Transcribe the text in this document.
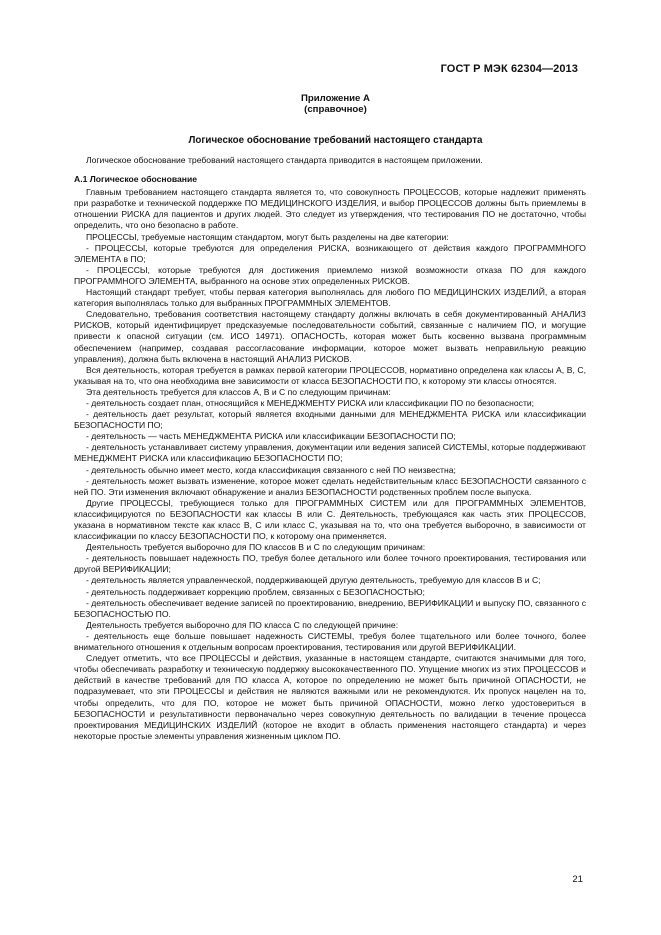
ГОСТ Р МЭК 62304—2013
Приложение А
(справочное)
Логическое обоснование требований настоящего стандарта

Логическое обоснование требований настоящего стандарта приводится в настоящем приложении.

А.1 Логическое обоснование

Главным требованием настоящего стандарта является то, что совокупность ПРОЦЕССОВ, которые надлежит применять при разработке и технической поддержке ПО МЕДИЦИНСКОГО ИЗДЕЛИЯ, и выбор ПРОЦЕССОВ должны быть приемлемы в отношении РИСКА для пациентов и других людей. Это следует из утверждения, что тестирования ПО не достаточно, чтобы определить, что оно безопасно в работе.

ПРОЦЕССЫ, требуемые настоящим стандартом, могут быть разделены на две категории:

- ПРОЦЕССЫ, которые требуются для определения РИСКА, возникающего от действия каждого ПРОГРАММНОГО ЭЛЕМЕНТА в ПО;

- ПРОЦЕССЫ, которые требуются для достижения приемлемо низкой возможности отказа ПО для каждого ПРОГРАММНОГО ЭЛЕМЕНТА, выбранного на основе этих определенных РИСКОВ.

Настоящий стандарт требует, чтобы первая категория выполнялась для любого ПО МЕДИЦИНСКИХ ИЗДЕЛИЙ, а вторая категория выполнялась только для выбранных ПРОГРАММНЫХ ЭЛЕМЕНТОВ.

Следовательно, требования соответствия настоящему стандарту должны включать в себя документированный АНАЛИЗ РИСКОВ, который идентифицирует предсказуемые последовательности событий, связанные с наличием ПО, и могущие привести к опасной ситуации (см. ИСО 14971). ОПАСНОСТЬ, которая может быть косвенно вызвана программным обеспечением (например, создавая рассогласование информации, которое может вызвать неправильную реакцию управления), должна быть включена в настоящий АНАЛИЗ РИСКОВ.

Вся деятельность, которая требуется в рамках первой категории ПРОЦЕССОВ, нормативно определена как классы А, В, С, указывая на то, что она необходима вне зависимости от класса БЕЗОПАСНОСТИ ПО, к которому эти классы относятся.

Эта деятельность требуется для классов А, В и С по следующим причинам:

- деятельность создает план, относящийся к МЕНЕДЖМЕНТУ РИСКА или классификации ПО по безопасности;

- деятельность дает результат, который является входными данными для МЕНЕДЖМЕНТА РИСКА или классификации БЕЗОПАСНОСТИ ПО;

- деятельность — часть МЕНЕДЖМЕНТА РИСКА или классификации БЕЗОПАСНОСТИ ПО;

- деятельность устанавливает систему управления, документации или ведения записей СИСТЕМЫ, которые поддерживают МЕНЕДЖМЕНТ РИСКА или классификацию БЕЗОПАСНОСТИ ПО;

- деятельность обычно имеет место, когда классификация связанного с ней ПО неизвестна;

- деятельность может вызвать изменение, которое может сделать недействительным класс БЕЗОПАСНОСТИ связанного с ней ПО. Эти изменения включают обнаружение и анализ БЕЗОПАСНОСТИ родственных проблем после выпуска.

Другие ПРОЦЕССЫ, требующиеся только для ПРОГРАММНЫХ СИСТЕМ или для ПРОГРАММНЫХ ЭЛЕМЕНТОВ, классифицируются по БЕЗОПАСНОСТИ как классы В или С. Деятельность, требующаяся как часть этих ПРОЦЕССОВ, указана в нормативном тексте как класс В, С или класс С, указывая на то, что она требуется выборочно, в зависимости от классификации по классу БЕЗОПАСНОСТИ ПО, к которому она применяется.

Деятельность требуется выборочно для ПО классов В и С по следующим причинам:

- деятельность повышает надежность ПО, требуя более детального или более точного проектирования, тестирования или другой ВЕРИФИКАЦИИ;

- деятельность является управленческой, поддерживающей другую деятельность, требуемую для классов В и С;

- деятельность поддерживает коррекцию проблем, связанных с БЕЗОПАСНОСТЬЮ;

- деятельность обеспечивает ведение записей по проектированию, внедрению, ВЕРИФИКАЦИИ и выпуску ПО, связанного с БЕЗОПАСНОСТЬЮ ПО.

Деятельность требуется выборочно для ПО класса С по следующей причине:

- деятельность еще больше повышает надежность СИСТЕМЫ, требуя более тщательного или более точного, более внимательного отношения к отдельным вопросам проектирования, тестирования или другой ВЕРИФИКАЦИИ.

Следует отметить, что все ПРОЦЕССЫ и действия, указанные в настоящем стандарте, считаются значимыми для того, чтобы обеспечивать разработку и техническую поддержку высококачественного ПО. Упущение многих из этих ПРОЦЕССОВ и действий в качестве требований для ПО класса А, которое по определению не может быть причиной ОПАСНОСТИ, не подразумевает, что эти ПРОЦЕССЫ и действия не являются важными или не рекомендуются. Их пропуск нацелен на то, чтобы определить, что для ПО, которое не может быть причиной ОПАСНОСТИ, можно легко удостовериться в БЕЗОПАСНОСТИ и результативности первоначально через совокупную деятельность по валидации в течение процесса проектирования МЕДИЦИНСКИХ ИЗДЕЛИЙ (которое не входит в область применения настоящего стандарта) и через некоторые простые элементы управления жизненным циклом ПО.

21
